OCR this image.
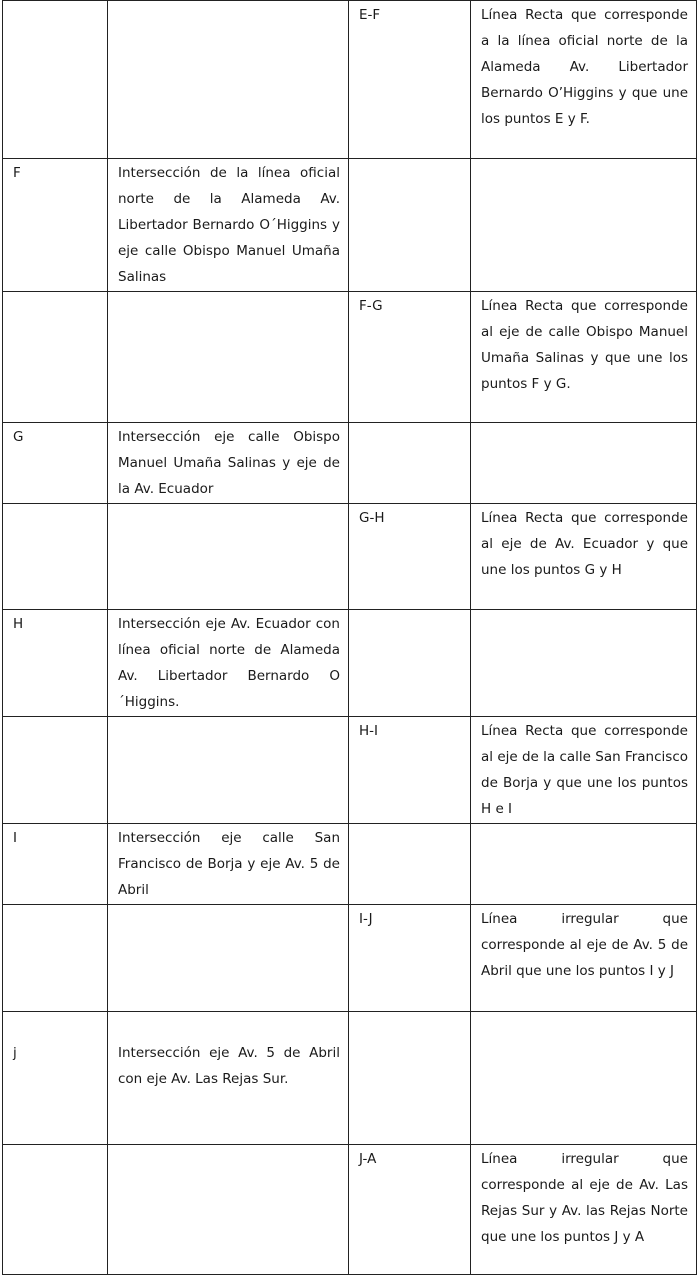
		E-F	Línea Recta que corresponde a la línea oficial norte de la Alameda Av. Libertador Bernardo O’Higgins y que une los puntos E y F.
F	Intersección de la línea oficial norte de la Alameda Av. Libertador Bernardo O´Higgins y eje calle Obispo Manuel Umaña Salinas		
		F-G	Línea Recta que corresponde al eje de calle Obispo Manuel Umaña Salinas y que une los puntos F y G.
G	Intersección eje calle Obispo Manuel Umaña Salinas y eje de la Av. Ecuador		
		G-H	Línea Recta que corresponde al eje de Av. Ecuador y que une los puntos G y H
H	Intersección eje Av. Ecuador con línea oficial norte de Alameda Av. Libertador Bernardo O´Higgins.		
		H-I	Línea Recta que corresponde al eje de la calle San Francisco de Borja y que une los puntos H e I
I	Intersección eje calle San Francisco de Borja y eje Av. 5 de Abril		
		I-J	Línea irregular que corresponde al eje de Av. 5 de Abril que une los puntos I y J
j	Intersección eje Av. 5 de Abril con eje Av. Las Rejas Sur.		
		J-A	Línea irregular que corresponde al eje de Av. Las Rejas Sur y Av. las Rejas Norte que une los puntos J y A
